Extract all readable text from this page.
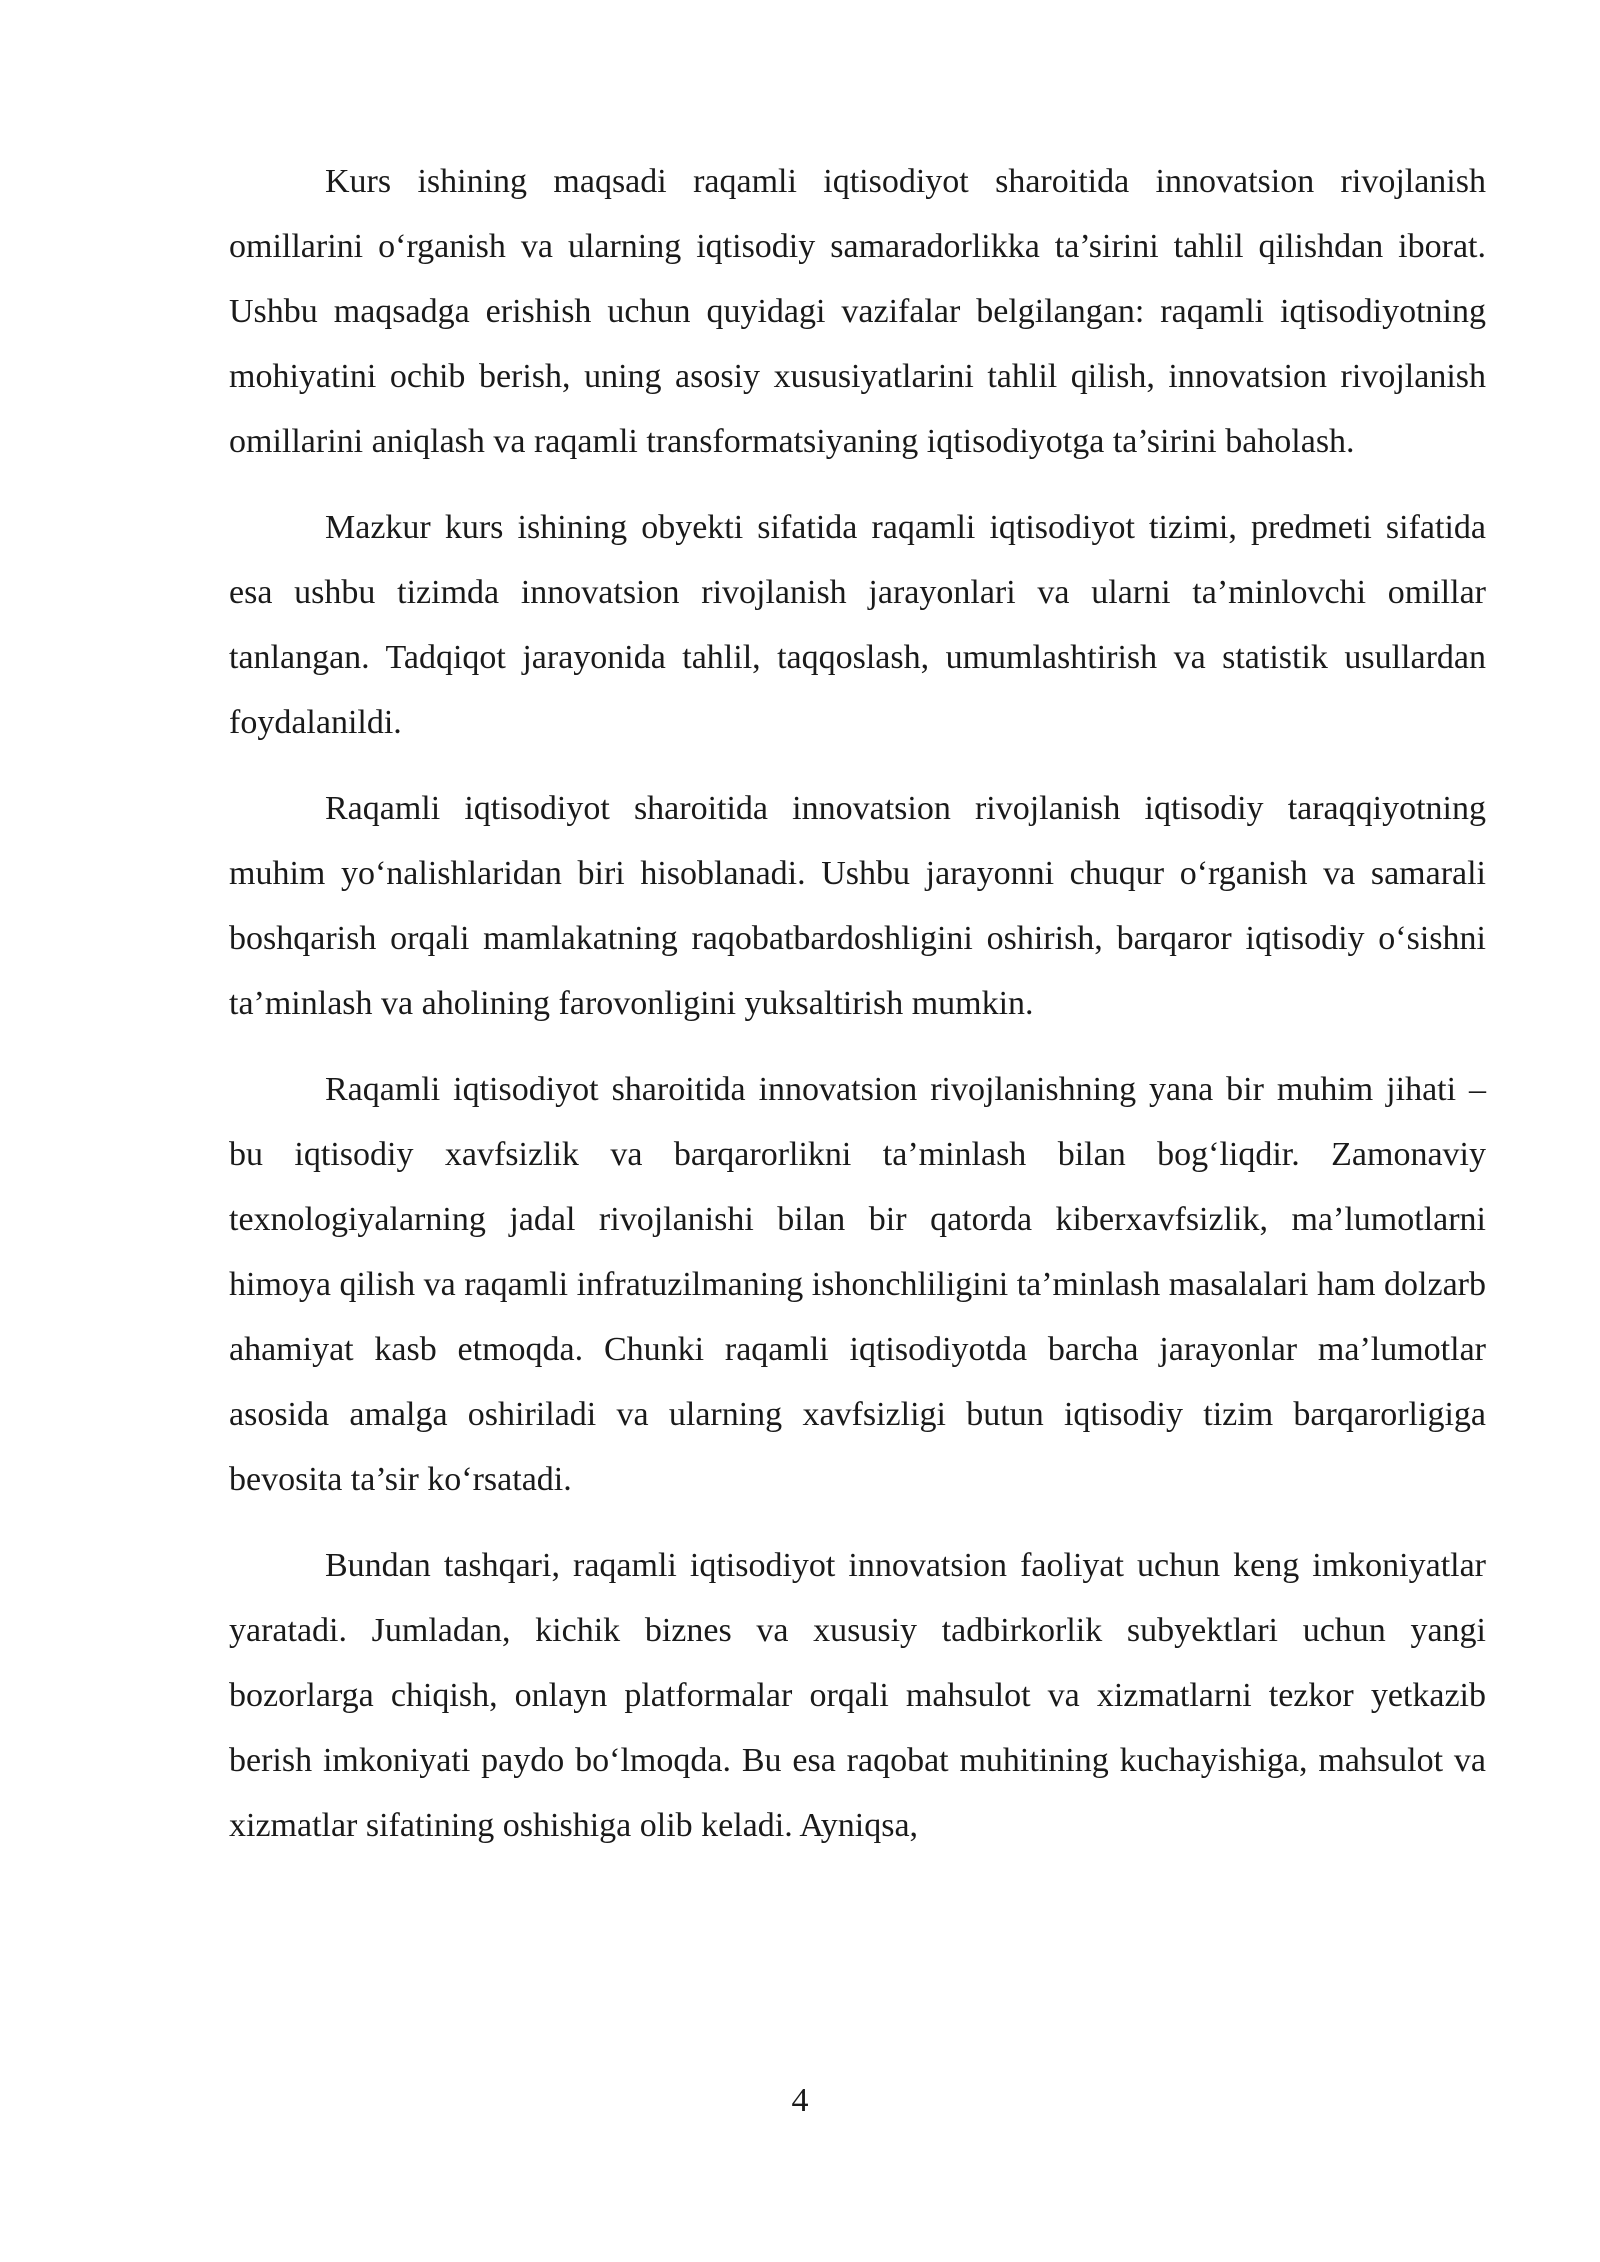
Kurs ishining maqsadi raqamli iqtisodiyot sharoitida innovatsion rivojlanish omillarini o‘rganish va ularning iqtisodiy samaradorlikka ta’sirini tahlil qilishdan iborat. Ushbu maqsadga erishish uchun quyidagi vazifalar belgilangan: raqamli iqtisodiyotning mohiyatini ochib berish, uning asosiy xususiyatlarini tahlil qilish, innovatsion rivojlanish omillarini aniqlash va raqamli transformatsiyaning iqtisodiyotga ta’sirini baholash.

Mazkur kurs ishining obyekti sifatida raqamli iqtisodiyot tizimi, predmeti sifatida esa ushbu tizimda innovatsion rivojlanish jarayonlari va ularni ta’minlovchi omillar tanlangan. Tadqiqot jarayonida tahlil, taqqoslash, umumlashtirish va statistik usullardan foydalanildi.

Raqamli iqtisodiyot sharoitida innovatsion rivojlanish iqtisodiy taraqqiyotning muhim yo‘nalishlaridan biri hisoblanadi. Ushbu jarayonni chuqur o‘rganish va samarali boshqarish orqali mamlakatning raqobatbardoshligini oshirish, barqaror iqtisodiy o‘sishni ta’minlash va aholining farovonligini yuksaltirish mumkin.

Raqamli iqtisodiyot sharoitida innovatsion rivojlanishning yana bir muhim jihati – bu iqtisodiy xavfsizlik va barqarorlikni ta’minlash bilan bog‘liqdir. Zamonaviy texnologiyalarning jadal rivojlanishi bilan bir qatorda kiberxavfsizlik, ma’lumotlarni himoya qilish va raqamli infratuzilmaning ishonchliligini ta’minlash masalalari ham dolzarb ahamiyat kasb etmoqda. Chunki raqamli iqtisodiyotda barcha jarayonlar ma’lumotlar asosida amalga oshiriladi va ularning xavfsizligi butun iqtisodiy tizim barqarorligiga bevosita ta’sir ko‘rsatadi.

Bundan tashqari, raqamli iqtisodiyot innovatsion faoliyat uchun keng imkoniyatlar yaratadi. Jumladan, kichik biznes va xususiy tadbirkorlik subyektlari uchun yangi bozorlarga chiqish, onlayn platformalar orqali mahsulot va xizmatlarni tezkor yetkazib berish imkoniyati paydo bo‘lmoqda. Bu esa raqobat muhitining kuchayishiga, mahsulot va xizmatlar sifatining oshishiga olib keladi. Ayniqsa,

4
